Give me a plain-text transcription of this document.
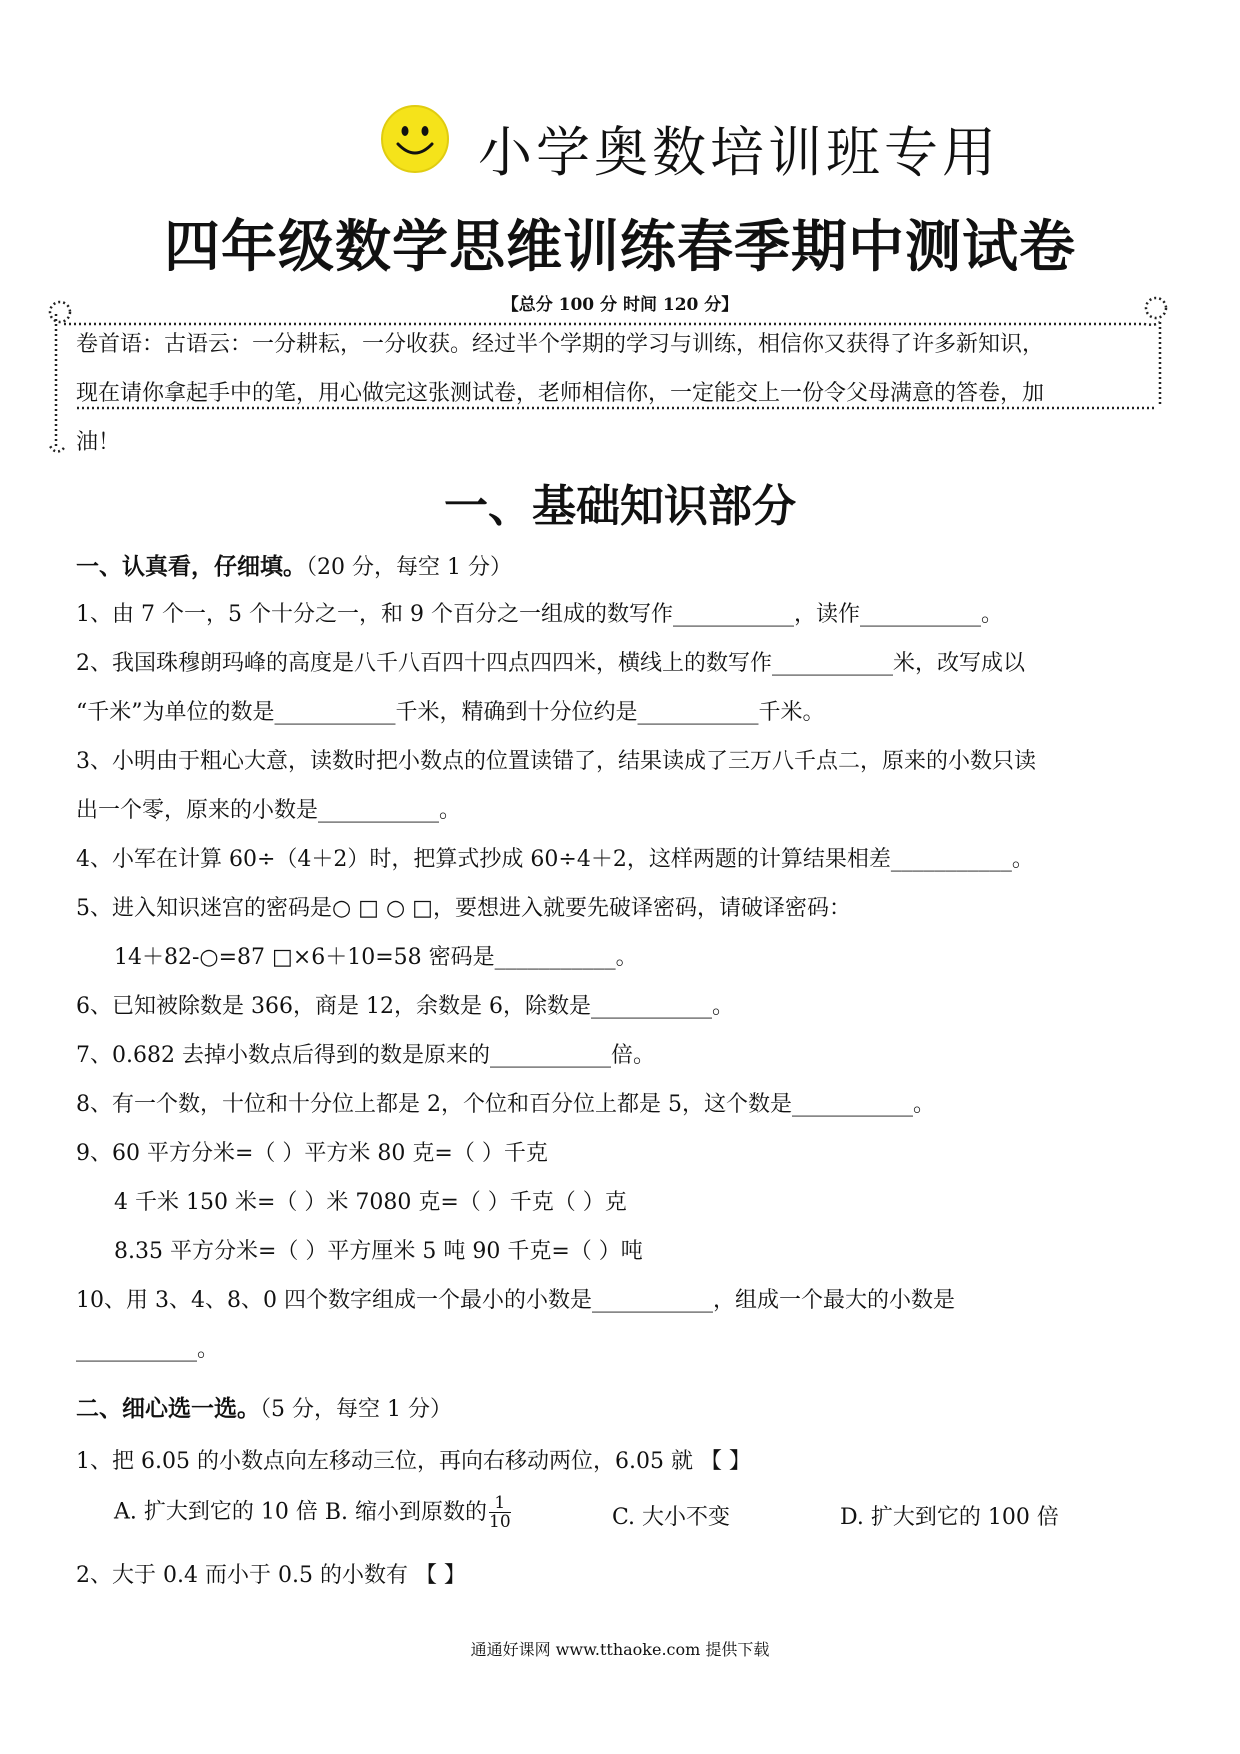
小学奥数培训班专用
四年级数学思维训练春季期中测试卷
【总分 100 分 时间 120 分】
卷首语：古语云：一分耕耘，一分收获。经过半个学期的学习与训练，相信你又获得了许多新知识，
现在请你拿起手中的笔，用心做完这张测试卷，老师相信你，一定能交上一份令父母满意的答卷，加
油！
一、基础知识部分
一、认真看，仔细填。（20 分，每空 1 分）
1、由 7 个一，5 个十分之一，和 9 个百分之一组成的数写作___________，读作___________。
2、我国珠穆朗玛峰的高度是八千八百四十四点四四米，横线上的数写作___________米，改写成以
“千米”为单位的数是___________千米，精确到十分位约是___________千米。
3、小明由于粗心大意，读数时把小数点的位置读错了，结果读成了三万八千点二，原来的小数只读
出一个零，原来的小数是___________。
4、小军在计算 60÷（4＋2）时，把算式抄成 60÷4＋2，这样两题的计算结果相差___________。
5、进入知识迷宫的密码是○ □ ○ □，要想进入就要先破译密码，请破译密码：
14＋82-○=87 □×6＋10=58 密码是___________。
6、已知被除数是 366，商是 12，余数是 6，除数是___________。
7、0.682 去掉小数点后得到的数是原来的___________倍。
8、有一个数，十位和十分位上都是 2，个位和百分位上都是 5，这个数是___________。
9、60 平方分米=（ ）平方米 80 克=（ ）千克
4 千米 150 米=（ ）米 7080 克=（ ）千克（ ）克
8.35 平方分米=（ ）平方厘米 5 吨 90 千克=（ ）吨
10、用 3、4、8、0 四个数字组成一个最小的小数是___________，组成一个最大的小数是
___________。
二、细心选一选。（5 分，每空 1 分）
1、把 6.05 的小数点向左移动三位，再向右移动两位，6.05 就 【 】
A. 扩大到它的 10 倍 B. 缩小到原数的 $\frac{1}{10}$	C. 大小不变	D. 扩大到它的 100 倍
2、大于 0.4 而小于 0.5 的小数有 【 】
通通好课网 www.tthaoke.com 提供下载
